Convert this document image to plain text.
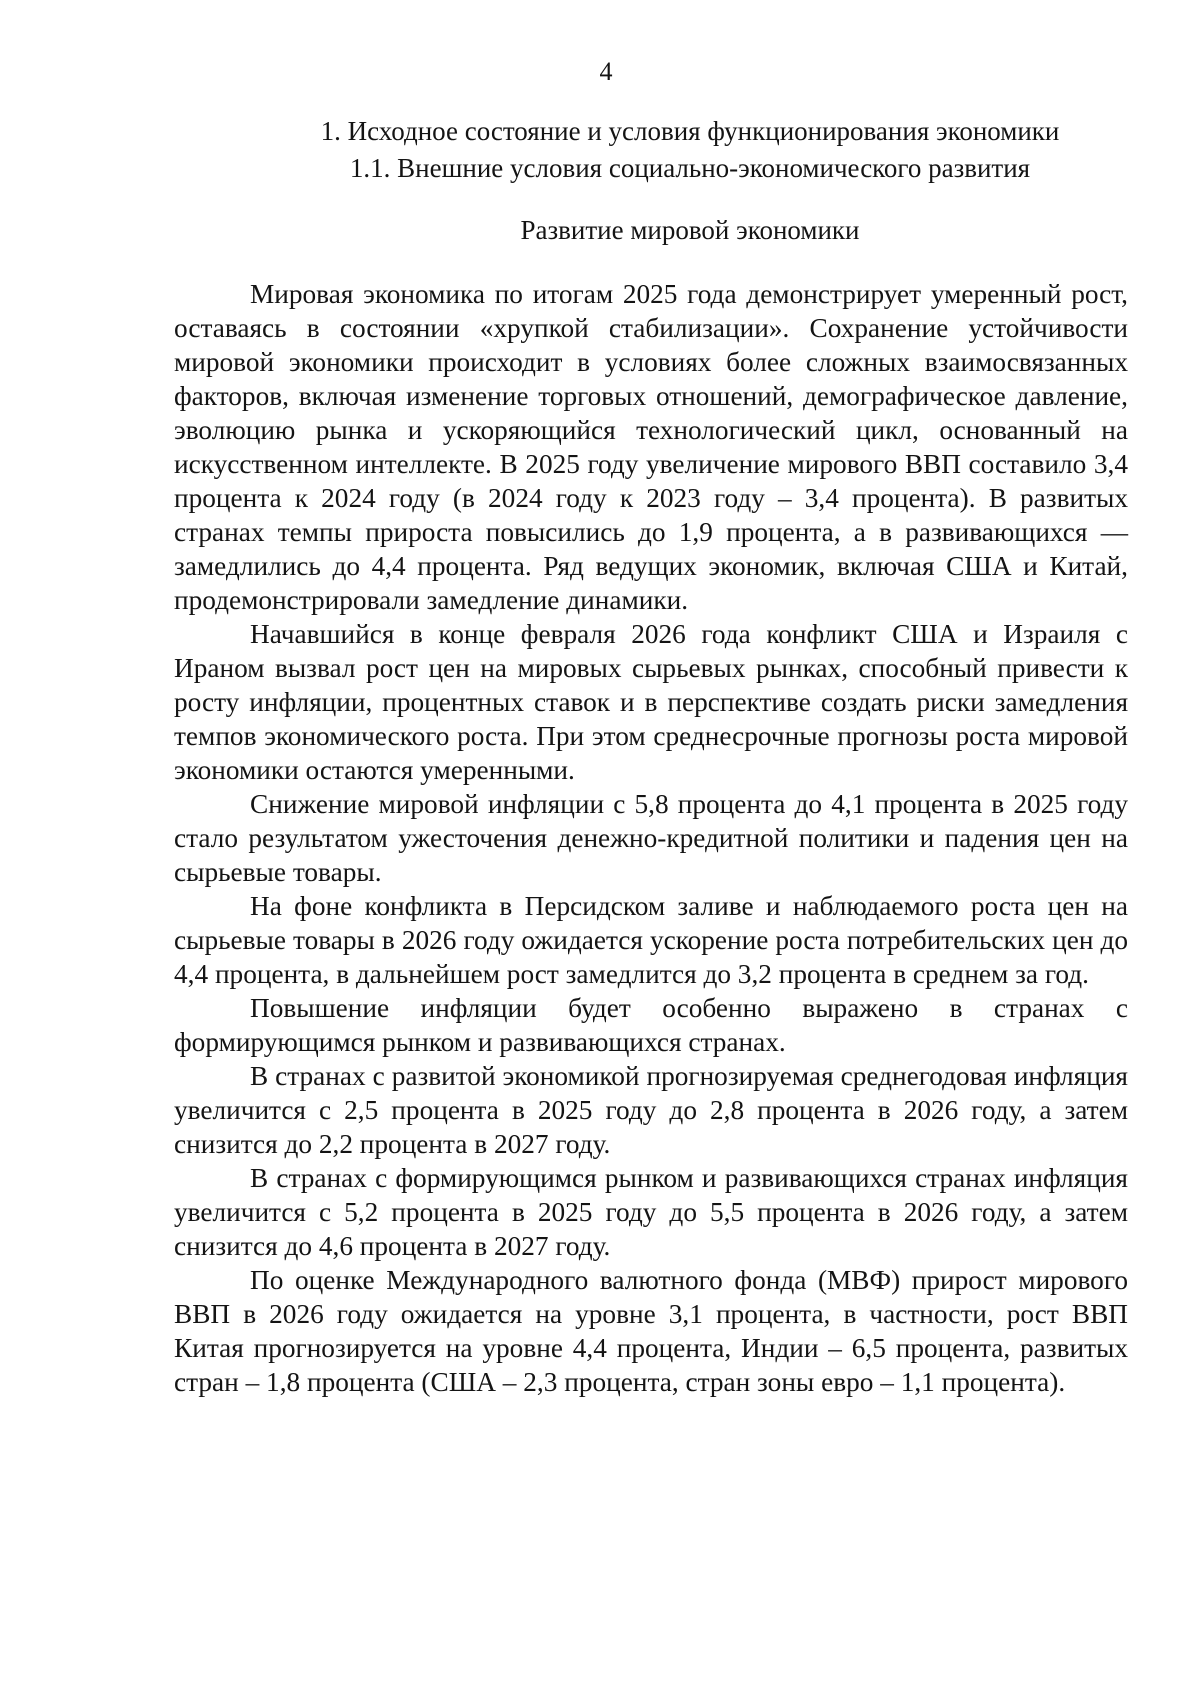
4
1. Исходное состояние и условия функционирования экономики
1.1. Внешние условия социально-экономического развития
Развитие мировой экономики

Мировая экономика по итогам 2025 года демонстрирует умеренный рост, оставаясь в состоянии «хрупкой стабилизации». Сохранение устойчивости мировой экономики происходит в условиях более сложных взаимосвязанных факторов, включая изменение торговых отношений, демографическое давление, эволюцию рынка и ускоряющийся технологический цикл, основанный на искусственном интеллекте. В 2025 году увеличение мирового ВВП составило 3,4 процента к 2024 году (в 2024 году к 2023 году – 3,4 процента). В развитых странах темпы прироста повысились до 1,9 процента, а в развивающихся — замедлились до 4,4 процента. Ряд ведущих экономик, включая США и Китай, продемонстрировали замедление динамики.

Начавшийся в конце февраля 2026 года конфликт США и Израиля с Ираном вызвал рост цен на мировых сырьевых рынках, способный привести к росту инфляции, процентных ставок и в перспективе создать риски замедления темпов экономического роста. При этом среднесрочные прогнозы роста мировой экономики остаются умеренными.

Снижение мировой инфляции с 5,8 процента до 4,1 процента в 2025 году стало результатом ужесточения денежно-кредитной политики и падения цен на сырьевые товары.

На фоне конфликта в Персидском заливе и наблюдаемого роста цен на сырьевые товары в 2026 году ожидается ускорение роста потребительских цен до 4,4 процента, в дальнейшем рост замедлится до 3,2 процента в среднем за год.

Повышение инфляции будет особенно выражено в странах с формирующимся рынком и развивающихся странах.

В странах с развитой экономикой прогнозируемая среднегодовая инфляция увеличится с 2,5 процента в 2025 году до 2,8 процента в 2026 году, а затем снизится до 2,2 процента в 2027 году.

В странах с формирующимся рынком и развивающихся странах инфляция увеличится с 5,2 процента в 2025 году до 5,5 процента в 2026 году, а затем снизится до 4,6 процента в 2027 году.

По оценке Международного валютного фонда (МВФ) прирост мирового ВВП в 2026 году ожидается на уровне 3,1 процента, в частности, рост ВВП Китая прогнозируется на уровне 4,4 процента, Индии – 6,5 процента, развитых стран – 1,8 процента (США – 2,3 процента, стран зоны евро – 1,1 процента).
